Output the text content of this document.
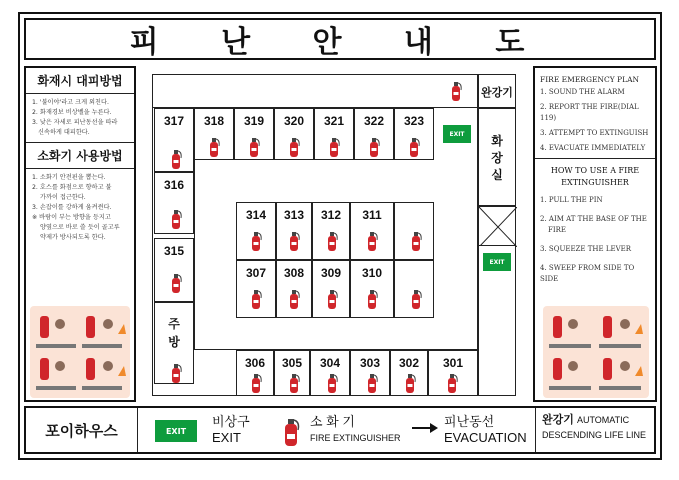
피 난 안 내 도
화재시 대피방법
1. '불이야'라고 크게 외친다.
2. 화재경보 비상벨을 누른다.
3. 낮은 자세로 피난동선을 따라
신속하게 대피한다.
소화기 사용방법
1. 소화기 안전핀을 뽑는다.
2. 호스를 화점으로 향하고 불
가까이 접근한다.
3. 손잡이를 강하게 움켜쥔다.
※ 바람이 부는 방향을 등지고
양옆으로 바로 쓸 듯이 골고루
약제가 방사되도록 한다.
FIRE EMERGENCY PLAN
1. SOUND THE ALARM
2. REPORT THE FIRE(DIAL 119)
3. ATTEMPT TO EXTINGUISH
4. EVACUATE IMMEDIATELY
HOW TO USE A FIRE
EXTINGUISHER
1. PULL THE PIN
2. AIM AT THE BASE OF THE
FIRE
3. SQUEEZE THE LEVER
4. SWEEP FROM SIDE TO SIDE
317	318	319	320	321	322	323
완강기
화
장
실
316
315
주
방
314	313	312	311
307	308	309	310
306	305	304	303	302	301
EXIT
EXIT
포이하우스	EXIT
비상구
EXIT
소 화 기
FIRE EXTINGUISHER
피난동선
EVACUATION
완강기 AUTOMATIC
DESCENDING LIFE LINE
